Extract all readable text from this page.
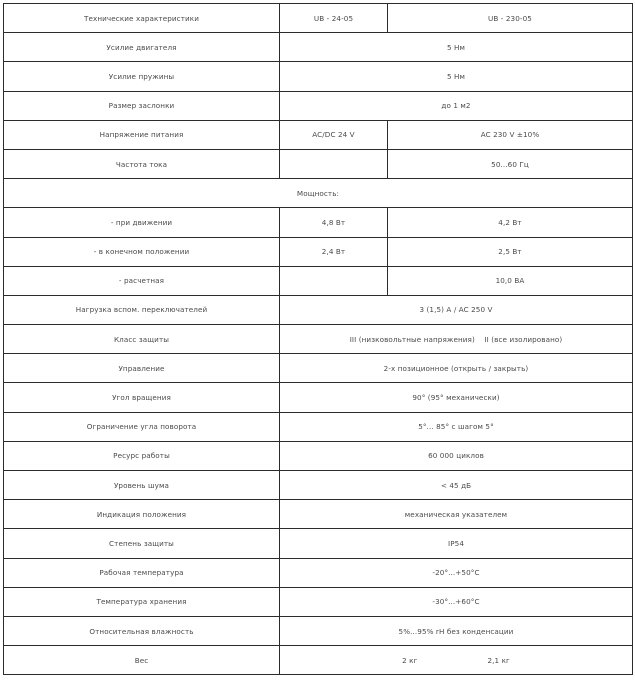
Технические характеристики	UB - 24-05	UB - 230-05
Усилие двигателя	5 Нм	
Усилие пружины	5 Нм	
Размер заслонки	до 1 м2	
Напряжение питания	AC/DC 24 V	AC 230 V ±10%
Частота тока		50...60 Гц
Мощность:		
- при движении	4,8 Вт	4,2 Вт
- в конечном положении	2,4 Вт	2,5 Вт
- расчетная		10,0 ВА
Нагрузка вспом. переключателей	3 (1,5) A / AC 250 V	
Класс защиты	III (низковольтные напряжения)    II (все изолировано)	
Управление	2-х позиционное (открыть / закрыть)	
Угол вращения	90° (95° механически)	
Ограничение угла поворота	5°... 85° с шагом 5°	
Ресурс работы	60 000 циклов	
Уровень шума	< 45 дБ	
Индикация положения	механическая указателем	
Степень защиты	IP54	
Рабочая температура	-20°...+50°С	
Температура хранения	-30°...+60°С	
Относительная влажность	5%...95% rH без конденсации	
Вес	2 кг 2,1 кг	
